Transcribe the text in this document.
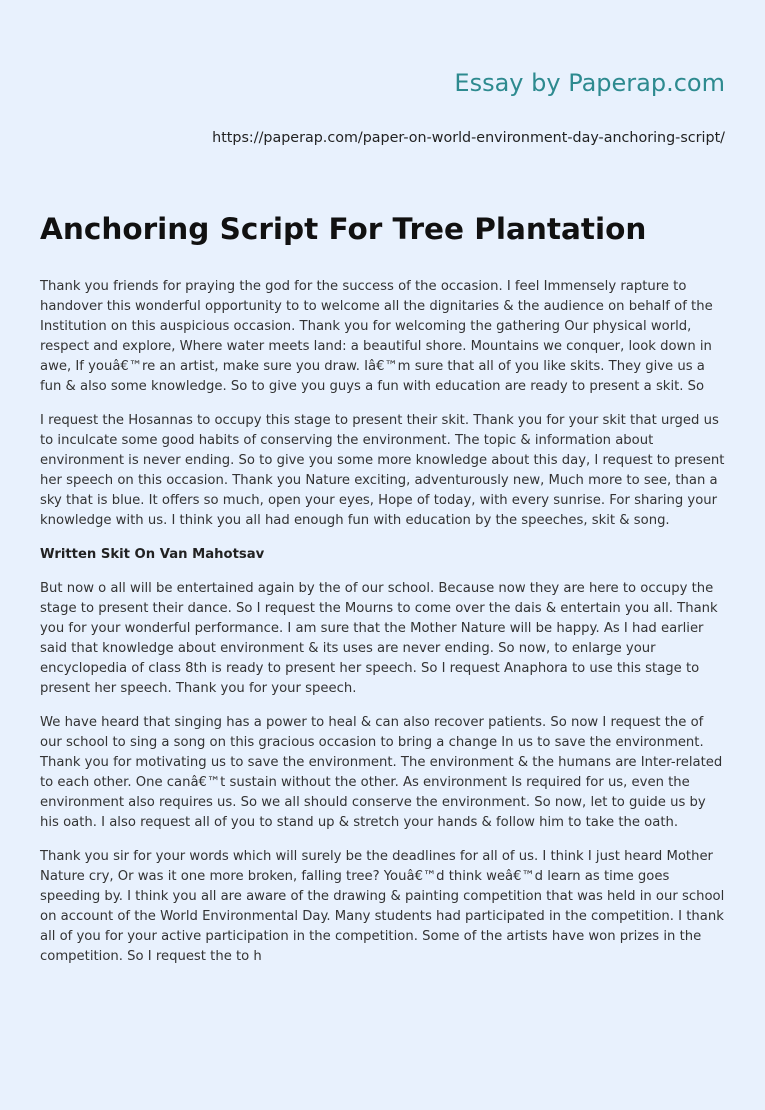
Essay by Paperap.com
https://paperap.com/paper-on-world-environment-day-anchoring-script/
Anchoring Script For Tree Plantation

Thank you friends for praying the god for the success of the occasion. I feel Immensely rapture to handover this wonderful opportunity to to welcome all the dignitaries & the audience on behalf of the Institution on this auspicious occasion. Thank you for welcoming the gathering Our physical world, respect and explore, Where water meets land: a beautiful shore. Mountains we conquer, look down in awe, If youâ€™re an artist, make sure you draw. Iâ€™m sure that all of you like skits. They give us a fun & also some knowledge. So to give you guys a fun with education are ready to present a skit. So

I request the Hosannas to occupy this stage to present their skit. Thank you for your skit that urged us to inculcate some good habits of conserving the environment. The topic & information about environment is never ending. So to give you some more knowledge about this day, I request to present her speech on this occasion. Thank you Nature exciting, adventurously new, Much more to see, than a sky that is blue. It offers so much, open your eyes, Hope of today, with every sunrise. For sharing your knowledge with us. I think you all had enough fun with education by the speeches, skit & song.

Written Skit On Van Mahotsav

But now o all will be entertained again by the of our school. Because now they are here to occupy the stage to present their dance. So I request the Mourns to come over the dais & entertain you all. Thank you for your wonderful performance. I am sure that the Mother Nature will be happy. As I had earlier said that knowledge about environment & its uses are never ending. So now, to enlarge your encyclopedia of class 8th is ready to present her speech. So I request Anaphora to use this stage to present her speech. Thank you for your speech.

We have heard that singing has a power to heal & can also recover patients. So now I request the of our school to sing a song on this gracious occasion to bring a change In us to save the environment. Thank you for motivating us to save the environment. The environment & the humans are Inter-related to each other. One canâ€™t sustain without the other. As environment Is required for us, even the environment also requires us. So we all should conserve the environment. So now, let to guide us by his oath. I also request all of you to stand up & stretch your hands & follow him to take the oath.

Thank you sir for your words which will surely be the deadlines for all of us. I think I just heard Mother Nature cry, Or was it one more broken, falling tree? Youâ€™d think weâ€™d learn as time goes speeding by. I think you all are aware of the drawing & painting competition that was held in our school on account of the World Environmental Day. Many students had participated in the competition. I thank all of you for your active participation in the competition. Some of the artists have won prizes in the competition. So I request the to h
